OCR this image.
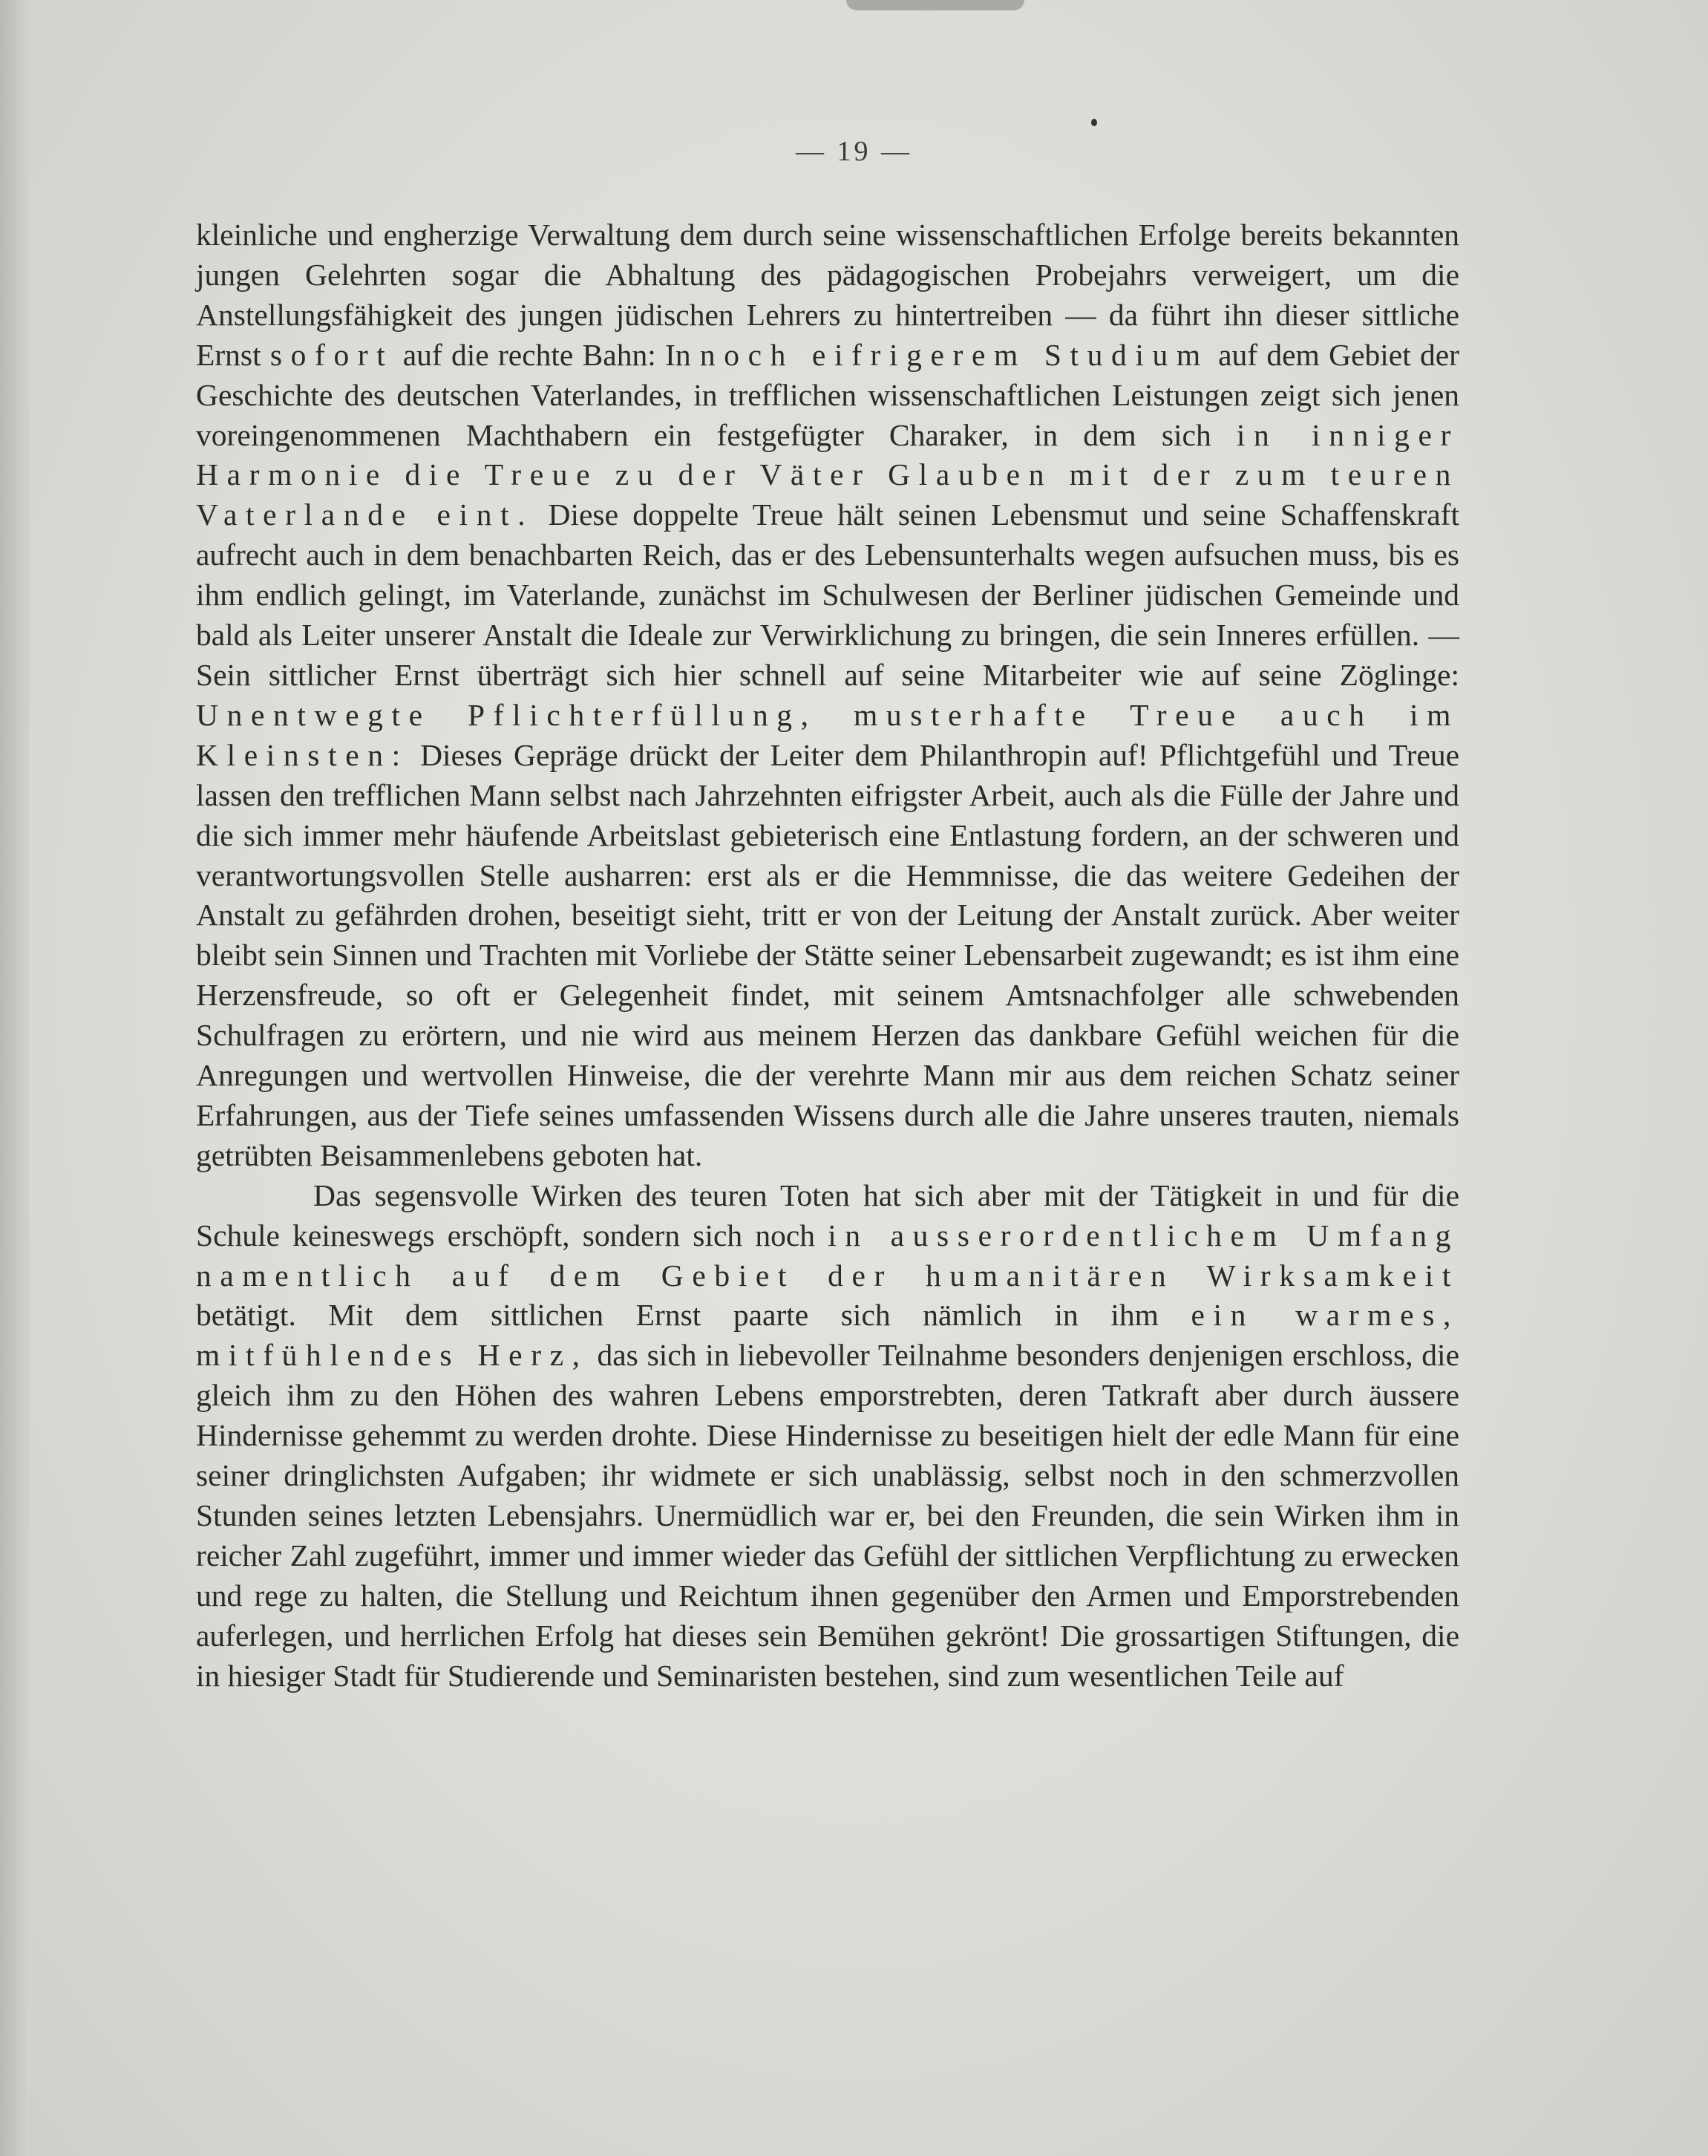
— 19 —

kleinliche und engherzige Verwaltung dem durch seine wissenschaftlichen Erfolge bereits bekannten jungen Gelehrten sogar die Abhaltung des pädagogischen Probejahrs verweigert, um die Anstellungsfähigkeit des jungen jüdischen Lehrers zu hintertreiben — da führt ihn dieser sittliche Ernst sofort auf die rechte Bahn: In noch eifrigerem Studium auf dem Gebiet der Geschichte des deutschen Vaterlandes, in trefflichen wissenschaftlichen Leistungen zeigt sich jenen voreingenommenen Machthabern ein festgefügter Charaker, in dem sich in inniger Harmonie die Treue zu der Väter Glauben mit der zum teuren Vaterlande eint. Diese doppelte Treue hält seinen Lebensmut und seine Schaffenskraft aufrecht auch in dem benachbarten Reich, das er des Lebensunterhalts wegen aufsuchen muss, bis es ihm endlich gelingt, im Vaterlande, zunächst im Schulwesen der Berliner jüdischen Gemeinde und bald als Leiter unserer Anstalt die Ideale zur Verwirklichung zu bringen, die sein Inneres erfüllen. — Sein sittlicher Ernst überträgt sich hier schnell auf seine Mitarbeiter wie auf seine Zöglinge: Unentwegte Pflichterfüllung, musterhafte Treue auch im Kleinsten: Dieses Gepräge drückt der Leiter dem Philanthropin auf! Pflichtgefühl und Treue lassen den trefflichen Mann selbst nach Jahrzehnten eifrigster Arbeit, auch als die Fülle der Jahre und die sich immer mehr häufende Arbeitslast gebieterisch eine Entlastung fordern, an der schweren und verantwortungsvollen Stelle ausharren: erst als er die Hemmnisse, die das weitere Gedeihen der Anstalt zu gefährden drohen, beseitigt sieht, tritt er von der Leitung der Anstalt zurück. Aber weiter bleibt sein Sinnen und Trachten mit Vorliebe der Stätte seiner Lebensarbeit zugewandt; es ist ihm eine Herzensfreude, so oft er Gelegenheit findet, mit seinem Amtsnachfolger alle schwebenden Schulfragen zu erörtern, und nie wird aus meinem Herzen das dankbare Gefühl weichen für die Anregungen und wertvollen Hinweise, die der verehrte Mann mir aus dem reichen Schatz seiner Erfahrungen, aus der Tiefe seines umfassenden Wissens durch alle die Jahre unseres trauten, niemals getrübten Beisammenlebens geboten hat.

Das segensvolle Wirken des teuren Toten hat sich aber mit der Tätigkeit in und für die Schule keineswegs erschöpft, sondern sich noch in ausserordentlichem Umfang namentlich auf dem Gebiet der humanitären Wirksamkeit betätigt. Mit dem sittlichen Ernst paarte sich nämlich in ihm ein warmes, mitfühlendes Herz, das sich in liebevoller Teilnahme besonders denjenigen erschloss, die gleich ihm zu den Höhen des wahren Lebens emporstrebten, deren Tatkraft aber durch äussere Hindernisse gehemmt zu werden drohte. Diese Hindernisse zu beseitigen hielt der edle Mann für eine seiner dringlichsten Aufgaben; ihr widmete er sich unablässig, selbst noch in den schmerzvollen Stunden seines letzten Lebensjahrs. Unermüdlich war er, bei den Freunden, die sein Wirken ihm in reicher Zahl zugeführt, immer und immer wieder das Gefühl der sittlichen Verpflichtung zu erwecken und rege zu halten, die Stellung und Reichtum ihnen gegenüber den Armen und Emporstrebenden auferlegen, und herrlichen Erfolg hat dieses sein Bemühen gekrönt! Die grossartigen Stiftungen, die in hiesiger Stadt für Studierende und Seminaristen bestehen, sind zum wesentlichen Teile auf
